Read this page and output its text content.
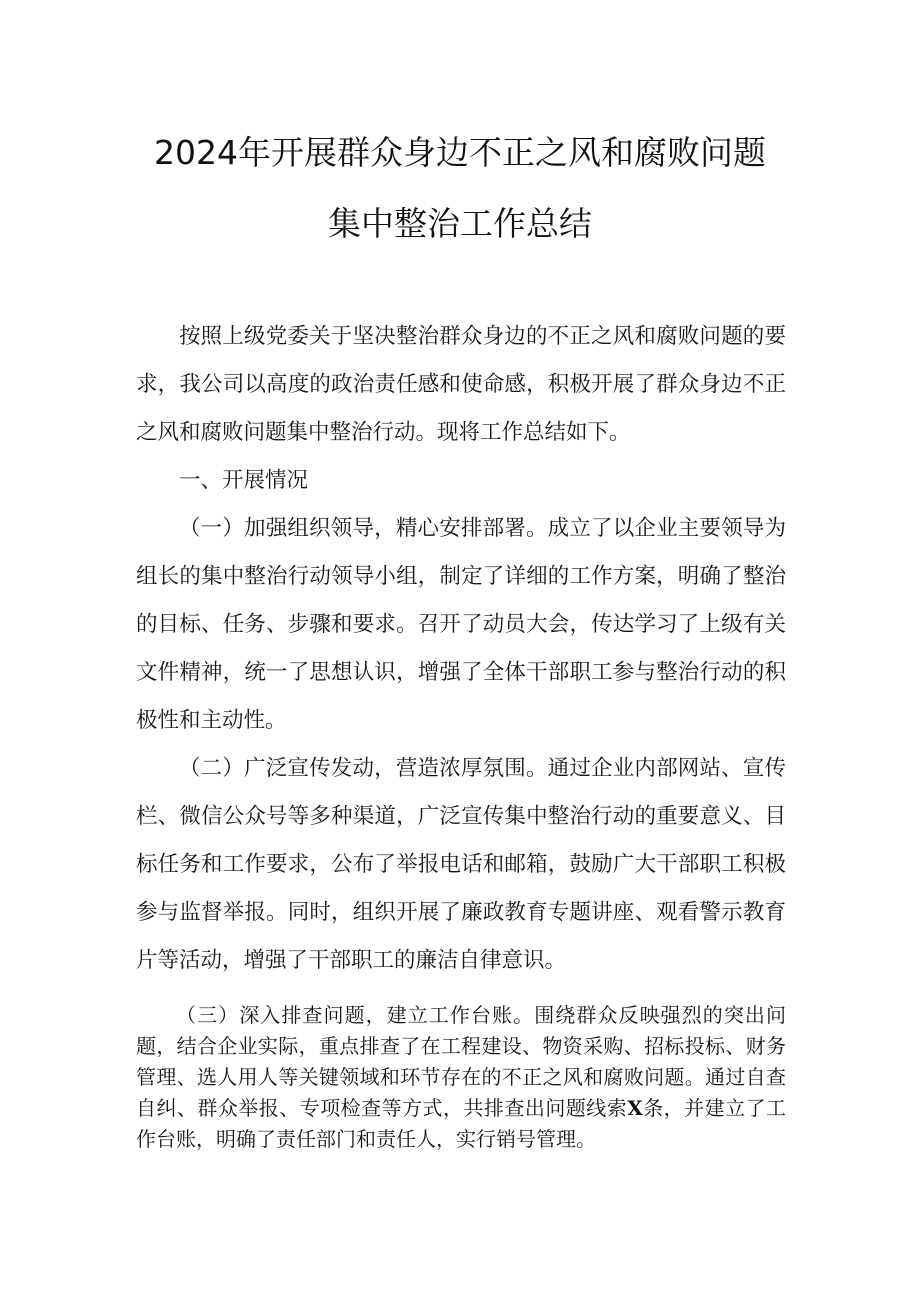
2024年开展群众身边不正之风和腐败问题
集中整治工作总结

按照上级党委关于坚决整治群众身边的不正之风和腐败问题的要求，我公司以高度的政治责任感和使命感，积极开展了群众身边不正之风和腐败问题集中整治行动。现将工作总结如下。

一、开展情况

（一）加强组织领导，精心安排部署。成立了以企业主要领导为组长的集中整治行动领导小组，制定了详细的工作方案，明确了整治的目标、任务、步骤和要求。召开了动员大会，传达学习了上级有关文件精神，统一了思想认识，增强了全体干部职工参与整治行动的积极性和主动性。

（二）广泛宣传发动，营造浓厚氛围。通过企业内部网站、宣传栏、微信公众号等多种渠道，广泛宣传集中整治行动的重要意义、目标任务和工作要求，公布了举报电话和邮箱，鼓励广大干部职工积极参与监督举报。同时，组织开展了廉政教育专题讲座、观看警示教育片等活动，增强了干部职工的廉洁自律意识。

（三）深入排查问题，建立工作台账。围绕群众反映强烈的突出问题，结合企业实际，重点排查了在工程建设、物资采购、招标投标、财务管理、选人用人等关键领域和环节存在的不正之风和腐败问题。通过自查自纠、群众举报、专项检查等方式，共排查出问题线索X条，并建立了工作台账，明确了责任部门和责任人，实行销号管理。
